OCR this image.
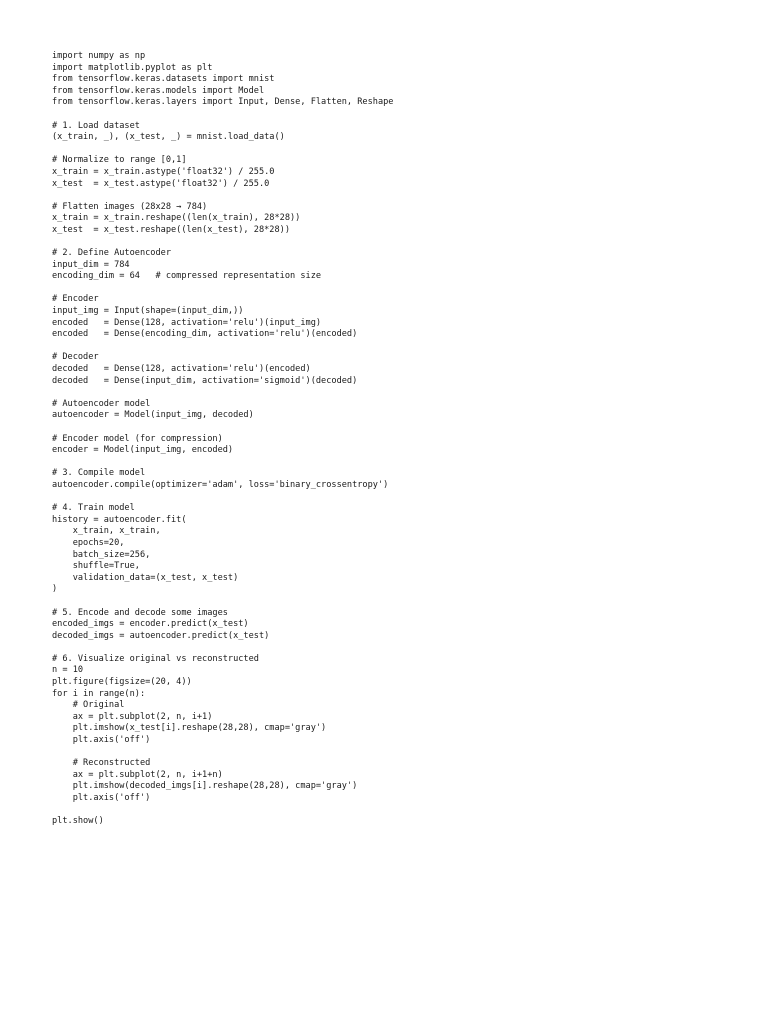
import numpy as np
import matplotlib.pyplot as plt
from tensorflow.keras.datasets import mnist
from tensorflow.keras.models import Model
from tensorflow.keras.layers import Input, Dense, Flatten, Reshape
# 1. Load dataset
(x_train, _), (x_test, _) = mnist.load_data()
# Normalize to range [0,1]
x_train = x_train.astype('float32') / 255.0
x_test  = x_test.astype('float32') / 255.0
# Flatten images (28x28 → 784)
x_train = x_train.reshape((len(x_train), 28*28))
x_test  = x_test.reshape((len(x_test), 28*28))
# 2. Define Autoencoder
input_dim = 784
encoding_dim = 64   # compressed representation size
# Encoder
input_img = Input(shape=(input_dim,))
encoded   = Dense(128, activation='relu')(input_img)
encoded   = Dense(encoding_dim, activation='relu')(encoded)
# Decoder
decoded   = Dense(128, activation='relu')(encoded)
decoded   = Dense(input_dim, activation='sigmoid')(decoded)
# Autoencoder model
autoencoder = Model(input_img, decoded)
# Encoder model (for compression)
encoder = Model(input_img, encoded)
# 3. Compile model
autoencoder.compile(optimizer='adam', loss='binary_crossentropy')
# 4. Train model
history = autoencoder.fit(
x_train, x_train,
epochs=20,
batch_size=256,
shuffle=True,
validation_data=(x_test, x_test)
)
# 5. Encode and decode some images
encoded_imgs = encoder.predict(x_test)
decoded_imgs = autoencoder.predict(x_test)
# 6. Visualize original vs reconstructed
n = 10
plt.figure(figsize=(20, 4))
for i in range(n):
# Original
ax = plt.subplot(2, n, i+1)
plt.imshow(x_test[i].reshape(28,28), cmap='gray')
plt.axis('off')
# Reconstructed
ax = plt.subplot(2, n, i+1+n)
plt.imshow(decoded_imgs[i].reshape(28,28), cmap='gray')
plt.axis('off')
plt.show()
